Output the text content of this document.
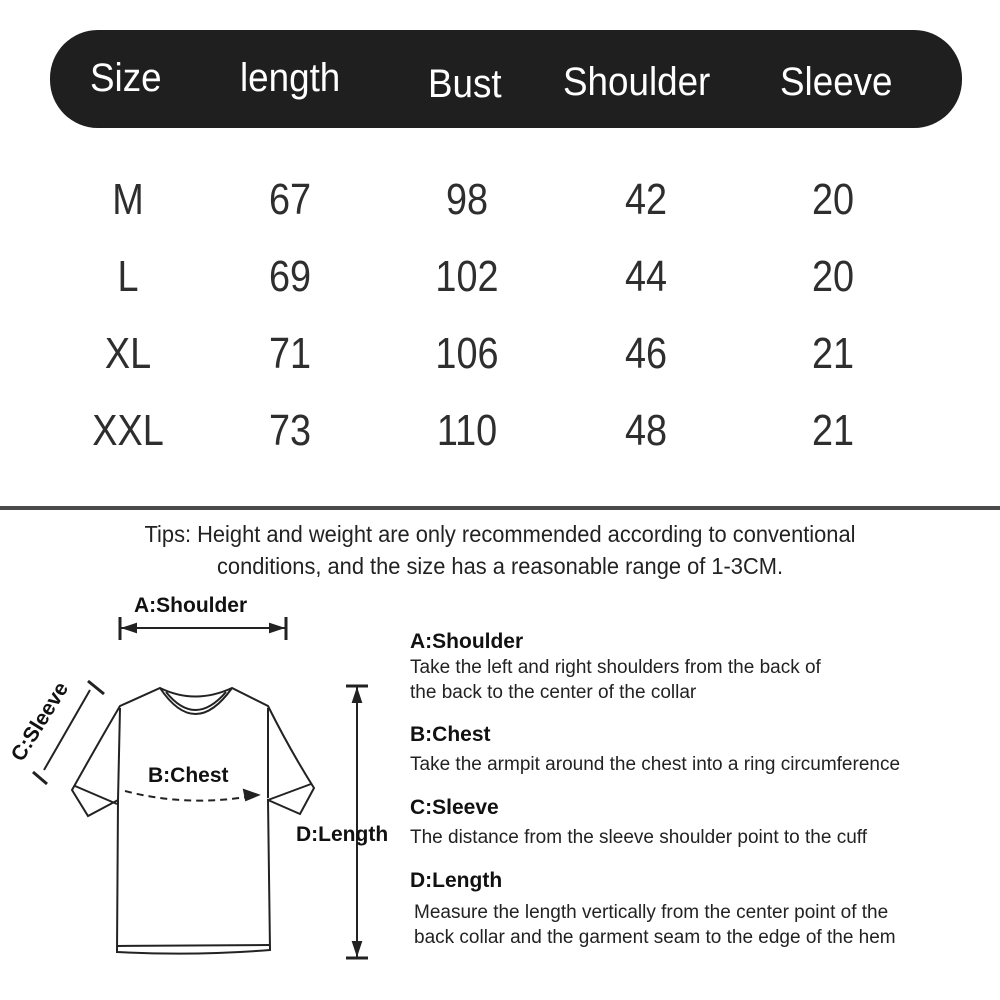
Size length Bust Shoulder Sleeve
M	67	98	42	20
L	69	102	44	20
XL	71	106	46	21
XXL	73	110	48	21
Tips: Height and weight are only recommended according to conventional
conditions, and the size has a reasonable range of 1-3CM.
A:Shoulder
C:Sleeve
B:Chest
D:Length
A:Shoulder
Take the left and right shoulders from the back of
the back to the center of the collar
B:Chest
Take the armpit around the chest into a ring circumference
C:Sleeve
The distance from the sleeve shoulder point to the cuff
D:Length
Measure the length vertically from the center point of the
back collar and the garment seam to the edge of the hem
